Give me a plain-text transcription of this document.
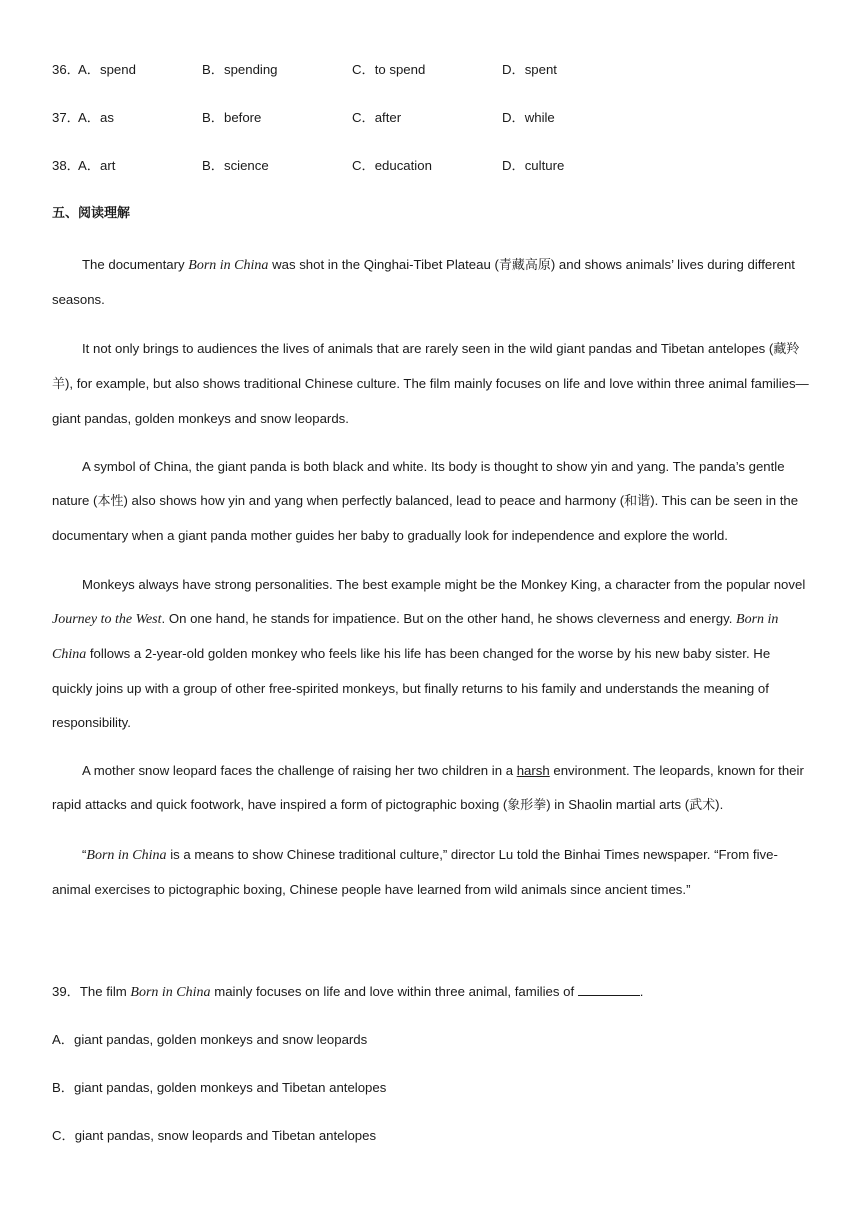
36．
A．spend	B．spending	C．to spend	D．spent
37．
A．as	B．before	C．after	D．while
38．
A．art	B．science	C．education	D．culture
五、阅读理解

The documentary Born in China was shot in the Qinghai-Tibet Plateau (青藏高原) and shows animals’ lives during different seasons.

It not only brings to audiences the lives of animals that are rarely seen in the wild giant pandas and Tibetan antelopes (藏羚羊), for example, but also shows traditional Chinese culture. The film mainly focuses on life and love within three animal families—giant pandas, golden monkeys and snow leopards.

A symbol of China, the giant panda is both black and white. Its body is thought to show yin and yang. The panda’s gentle nature (本性) also shows how yin and yang when perfectly balanced, lead to peace and harmony (和谐). This can be seen in the documentary when a giant panda mother guides her baby to gradually look for independence and explore the world.

Monkeys always have strong personalities. The best example might be the Monkey King, a character from the popular novel Journey to the West. On one hand, he stands for impatience. But on the other hand, he shows cleverness and energy. Born in China follows a 2-year-old golden monkey who feels like his life has been changed for the worse by his new baby sister. He quickly joins up with a group of other free-spirited monkeys, but finally returns to his family and understands the meaning of responsibility.

A mother snow leopard faces the challenge of raising her two children in a harsh environment. The leopards, known for their rapid attacks and quick footwork, have inspired a form of pictographic boxing (象形拳) in Shaolin martial arts (武术).

“Born in China is a means to show Chinese traditional culture,” director Lu told the Binhai Times newspaper. “From five-animal exercises to pictographic boxing, Chinese people have learned from wild animals since ancient times.”

39．The film Born in China mainly focuses on life and love within three animal, families of	.
A．giant pandas, golden monkeys and snow leopards
B．giant pandas, golden monkeys and Tibetan antelopes
C．giant pandas, snow leopards and Tibetan antelopes
